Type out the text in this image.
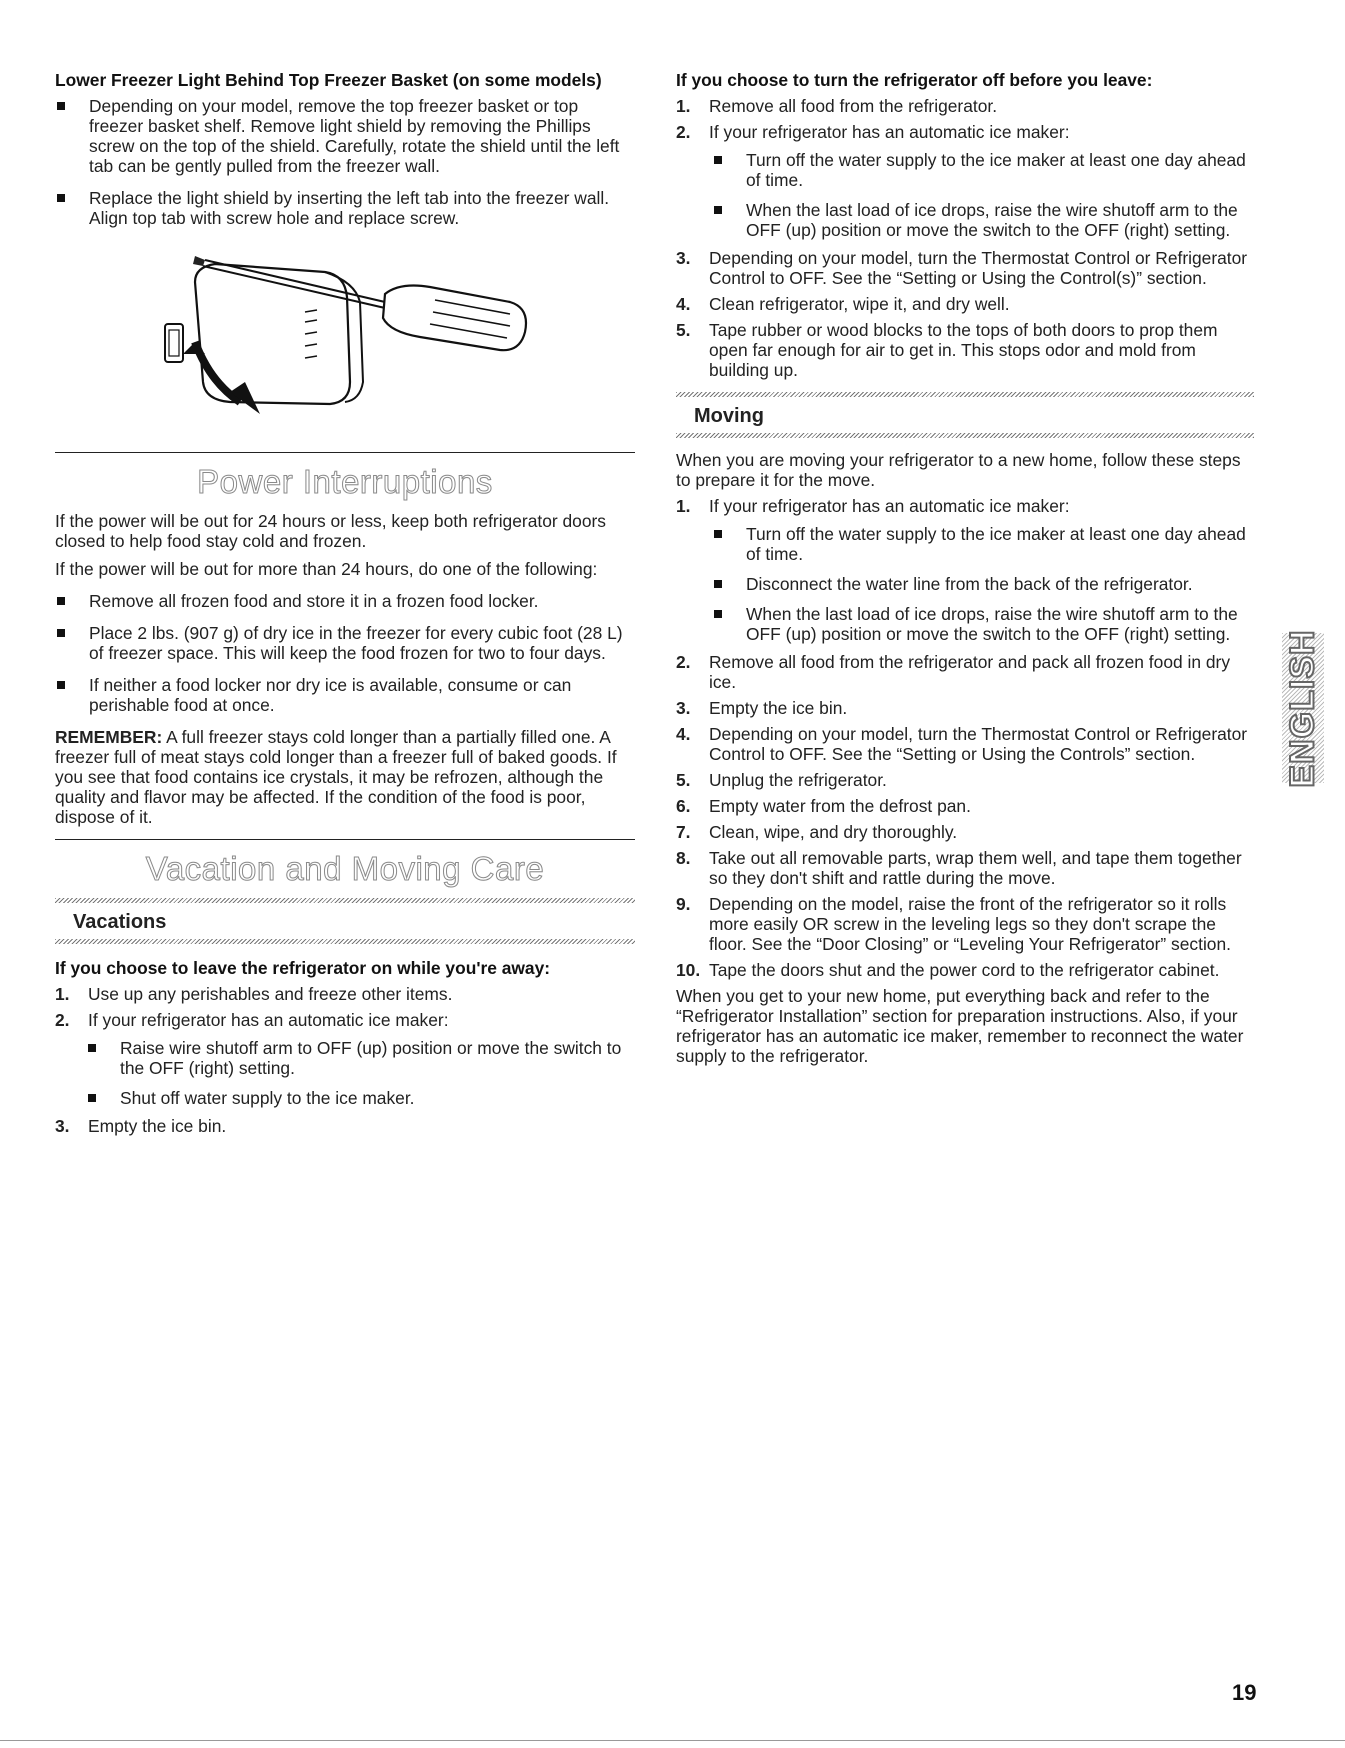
Lower Freezer Light Behind Top Freezer Basket (on some models)

Depending on your model, remove the top freezer basket or top freezer basket shelf. Remove light shield by removing the Phillips screw on the top of the shield. Carefully, rotate the shield until the left tab can be gently pulled from the freezer wall.

Replace the light shield by inserting the left tab into the freezer wall. Align top tab with screw hole and replace screw.

Power Interruptions

If the power will be out for 24 hours or less, keep both refrigerator doors closed to help food stay cold and frozen.

If the power will be out for more than 24 hours, do one of the following:

Remove all frozen food and store it in a frozen food locker.

Place 2 lbs. (907 g) of dry ice in the freezer for every cubic foot (28 L) of freezer space. This will keep the food frozen for two to four days.

If neither a food locker nor dry ice is available, consume or can perishable food at once.

REMEMBER: A full freezer stays cold longer than a partially filled one. A freezer full of meat stays cold longer than a freezer full of baked goods. If you see that food contains ice crystals, it may be refrozen, although the quality and flavor may be affected. If the condition of the food is poor, dispose of it.

Vacation and Moving Care

Vacations

If you choose to leave the refrigerator on while you're away:

1. Use up any perishables and freeze other items.

2. If your refrigerator has an automatic ice maker:

Raise wire shutoff arm to OFF (up) position or move the switch to the OFF (right) setting.

Shut off water supply to the ice maker.

3. Empty the ice bin.

If you choose to turn the refrigerator off before you leave:

1. Remove all food from the refrigerator.

2. If your refrigerator has an automatic ice maker:

Turn off the water supply to the ice maker at least one day ahead of time.

When the last load of ice drops, raise the wire shutoff arm to the OFF (up) position or move the switch to the OFF (right) setting.

3. Depending on your model, turn the Thermostat Control or Refrigerator Control to OFF. See the “Setting or Using the Control(s)” section.

4. Clean refrigerator, wipe it, and dry well.

5. Tape rubber or wood blocks to the tops of both doors to prop them open far enough for air to get in. This stops odor and mold from building up.

Moving

When you are moving your refrigerator to a new home, follow these steps to prepare it for the move.

1. If your refrigerator has an automatic ice maker:

Turn off the water supply to the ice maker at least one day ahead of time.

Disconnect the water line from the back of the refrigerator.

When the last load of ice drops, raise the wire shutoff arm to the OFF (up) position or move the switch to the OFF (right) setting.

2. Remove all food from the refrigerator and pack all frozen food in dry ice.

3. Empty the ice bin.

4. Depending on your model, turn the Thermostat Control or Refrigerator Control to OFF. See the “Setting or Using the Controls” section.

5. Unplug the refrigerator.

6. Empty water from the defrost pan.

7. Clean, wipe, and dry thoroughly.

8. Take out all removable parts, wrap them well, and tape them together so they don't shift and rattle during the move.

9. Depending on the model, raise the front of the refrigerator so it rolls more easily OR screw in the leveling legs so they don't scrape the floor. See the “Door Closing” or “Leveling Your Refrigerator” section.

10. Tape the doors shut and the power cord to the refrigerator cabinet.

When you get to your new home, put everything back and refer to the “Refrigerator Installation” section for preparation instructions. Also, if your refrigerator has an automatic ice maker, remember to reconnect the water supply to the refrigerator.

ENGLISH
19
